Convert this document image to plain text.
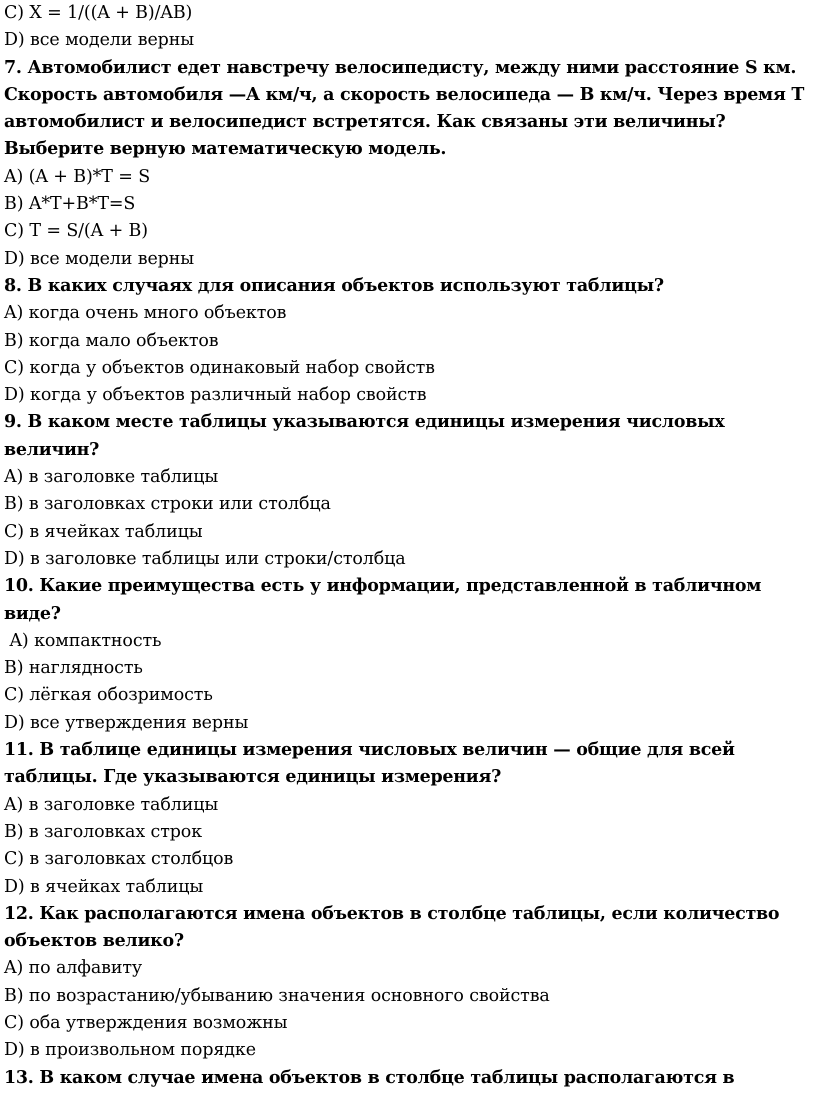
C) X = 1/((A + B)/AB)
D) все модели верны
7. Автомобилист едет навстречу велосипедисту, между ними расстояние S км.
Скорость автомобиля —А км/ч, а скорость велосипеда — В км/ч. Через время Т
автомобилист и велосипедист встретятся. Как связаны эти величины?
Выберите верную математическую модель.
A) (A + B)*T = S
B) A*T+B*T=S
C) T = S/(A + B)
D) все модели верны
8. В каких случаях для описания объектов используют таблицы?
A) когда очень много объектов
B) когда мало объектов
C) когда у объектов одинаковый набор свойств
D) когда у объектов различный набор свойств
9. В каком месте таблицы указываются единицы измерения числовых
величин?
A) в заголовке таблицы
B) в заголовках строки или столбца
C) в ячейках таблицы
D) в заголовке таблицы или строки/столбца
10. Какие преимущества есть у информации, представленной в табличном
виде?
A) компактность
B) наглядность
C) лёгкая обозримость
D) все утверждения верны
11. В таблице единицы измерения числовых величин — общие для всей
таблицы. Где указываются единицы измерения?
A) в заголовке таблицы
B) в заголовках строк
C) в заголовках столбцов
D) в ячейках таблицы
12. Как располагаются имена объектов в столбце таблицы, если количество
объектов велико?
A) по алфавиту
B) по возрастанию/убыванию значения основного свойства
C) оба утверждения возможны
D) в произвольном порядке
13. В каком случае имена объектов в столбце таблицы располагаются в
